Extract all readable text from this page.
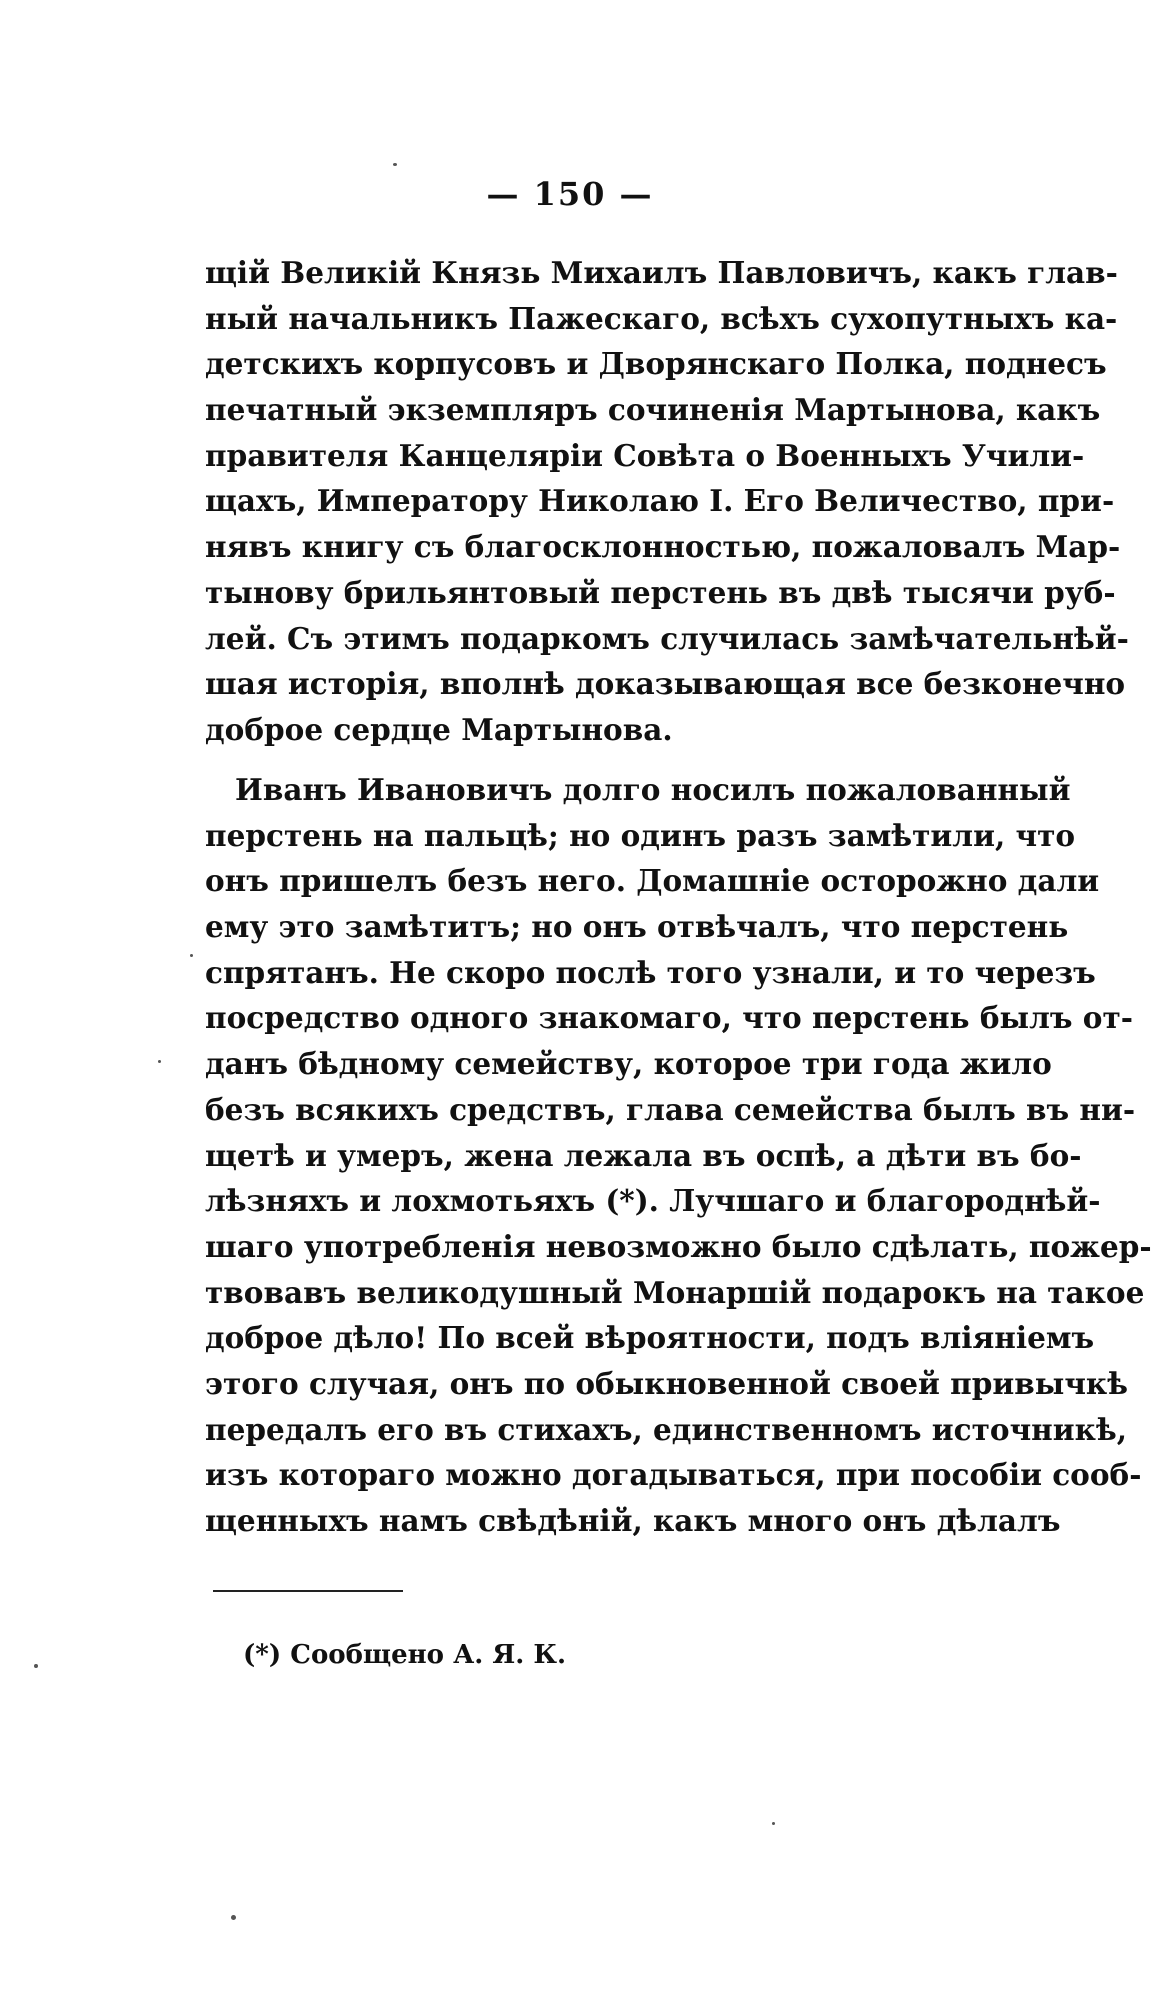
— 150 —
щій Великій Князь Михаилъ Павловичъ, какъ глав-
ный начальникъ Пажескаго, всѣхъ сухопутныхъ ка-
детскихъ корпусовъ и Дворянскаго Полка, поднесъ
печатный экземпляръ сочиненія Мартынова, какъ
правителя Канцеляріи Совѣта о Военныхъ Учили-
щахъ, Императору Николаю I. Его Величество, при-
нявъ книгу съ благосклонностью, пожаловалъ Мар-
тынову брильянтовый перстень въ двѣ тысячи руб-
лей. Съ этимъ подаркомъ случилась замѣчательнѣй-
шая исторія, вполнѣ доказывающая все безконечно
доброе сердце Мартынова.
Иванъ Ивановичъ долго носилъ пожалованный
перстень на пальцѣ; но одинъ разъ замѣтили, что
онъ пришелъ безъ него. Домашніе осторожно дали
ему это замѣтитъ; но онъ отвѣчалъ, что перстень
спрятанъ. Не скоро послѣ того узнали, и то черезъ
посредство одного знакомаго, что перстень былъ от-
данъ бѣдному семейству, которое три года жило
безъ всякихъ средствъ, глава семейства былъ въ ни-
щетѣ и умеръ, жена лежала въ оспѣ, а дѣти въ бо-
лѣзняхъ и лохмотьяхъ (*). Лучшаго и благороднѣй-
шаго употребленія невозможно было сдѣлать, пожер-
твовавъ великодушный Монаршій подарокъ на такое
доброе дѣло! По всей вѣроятности, подъ вліяніемъ
этого случая, онъ по обыкновенной своей привычкѣ
передалъ его въ стихахъ, единственномъ источникѣ,
изъ котораго можно догадываться, при пособіи сооб-
щенныхъ намъ свѣдѣній, какъ много онъ дѣлалъ
(*) Сообщено А. Я. К.
